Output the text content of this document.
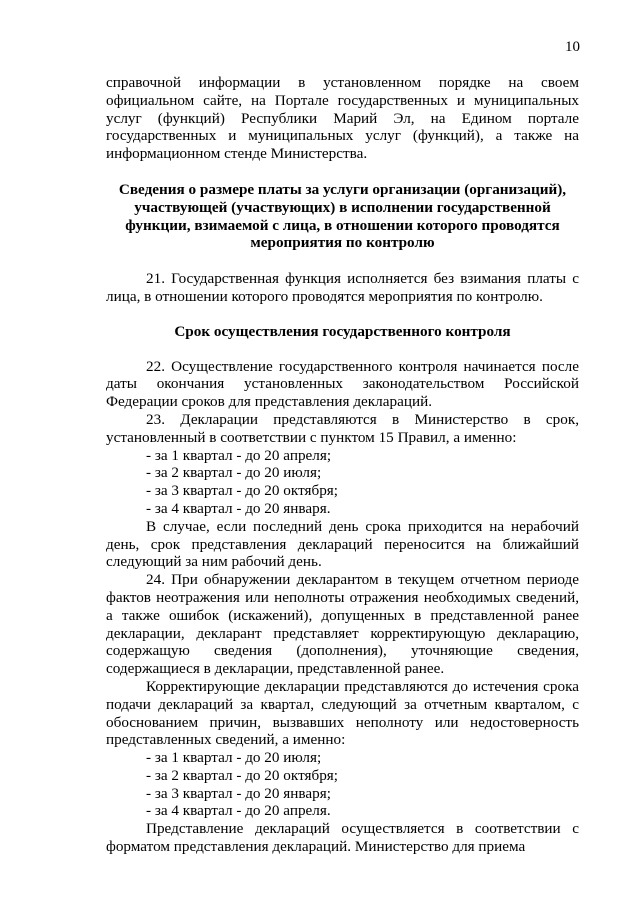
10

справочной информации в установленном порядке на своем официальном сайте, на Портале государственных и муниципальных услуг (функций) Республики Марий Эл, на Едином портале государственных и муниципальных услуг (функций), а также на информационном стенде Министерства.

Сведения о размере платы за услуги организации (организаций), участвующей (участвующих) в исполнении государственной функции, взимаемой с лица, в отношении которого проводятся мероприятия по контролю

21. Государственная функция исполняется без взимания платы с лица, в отношении которого проводятся мероприятия по контролю.

Срок осуществления государственного контроля

22. Осуществление государственного контроля начинается после даты окончания установленных законодательством Российской Федерации сроков для представления деклараций.

23. Декларации представляются в Министерство в срок, установленный в соответствии с пунктом 15 Правил, а именно:

- за 1 квартал - до 20 апреля;

- за 2 квартал - до 20 июля;

- за 3 квартал - до 20 октября;

- за 4 квартал - до 20 января.

В случае, если последний день срока приходится на нерабочий день, срок представления деклараций переносится на ближайший следующий за ним рабочий день.

24. При обнаружении декларантом в текущем отчетном периоде фактов неотражения или неполноты отражения необходимых сведений, а также ошибок (искажений), допущенных в представленной ранее декларации, декларант представляет корректирующую декларацию, содержащую сведения (дополнения), уточняющие сведения, содержащиеся в декларации, представленной ранее.

Корректирующие декларации представляются до истечения срока подачи деклараций за квартал, следующий за отчетным кварталом, с обоснованием причин, вызвавших неполноту или недостоверность представленных сведений, а именно:

- за 1 квартал - до 20 июля;

- за 2 квартал - до 20 октября;

- за 3 квартал - до 20 января;

- за 4 квартал - до 20 апреля.

Представление деклараций осуществляется в соответствии с форматом представления деклараций. Министерство для приема
